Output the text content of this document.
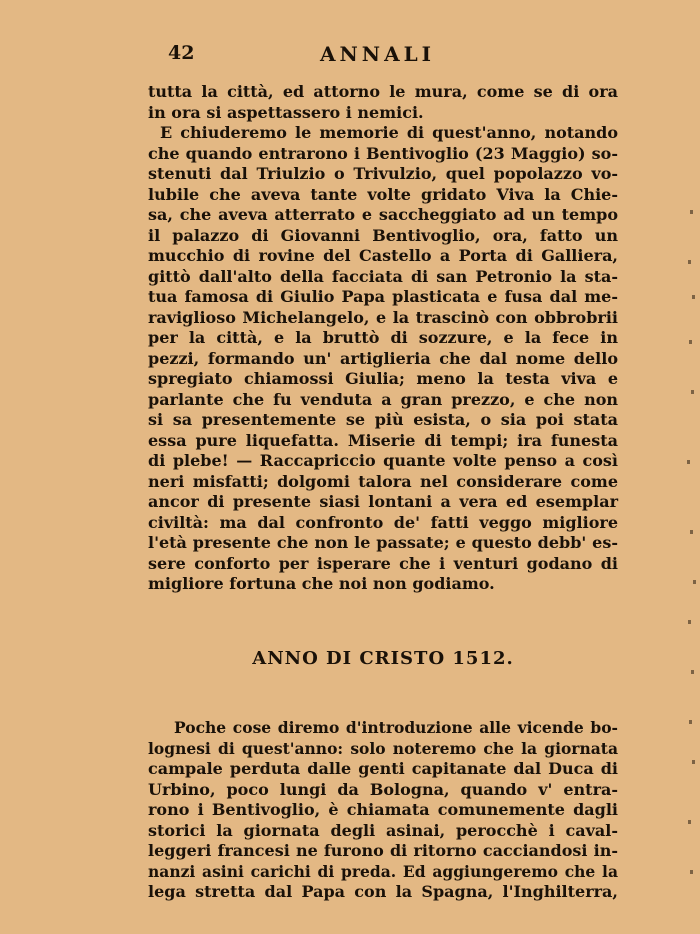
42	ANNALI
tutta la città, ed attorno le mura, come se di ora
in ora si aspettassero i nemici.
E chiuderemo le memorie di quest'anno, notando
che quando entrarono i Bentivoglio (23 Maggio) so-
stenuti dal Triulzio o Trivulzio, quel popolazzo vo-
lubile che aveva tante volte gridato Viva la Chie-
sa, che aveva atterrato e saccheggiato ad un tempo
il palazzo di Giovanni Bentivoglio, ora, fatto un
mucchio di rovine del Castello a Porta di Galliera,
gittò dall'alto della facciata di san Petronio la sta-
tua famosa di Giulio Papa plasticata e fusa dal me-
raviglioso Michelangelo, e la trascinò con obbrobrii
per la città, e la bruttò di sozzure, e la fece in
pezzi, formando un' artiglieria che dal nome dello
spregiato chiamossi Giulia; meno la testa viva e
parlante che fu venduta a gran prezzo, e che non
si sa presentemente se più esista, o sia poi stata
essa pure liquefatta. Miserie di tempi; ira funesta
di plebe! — Raccapriccio quante volte penso a così
neri misfatti; dolgomi talora nel considerare come
ancor di presente siasi lontani a vera ed esemplar
civiltà: ma dal confronto de' fatti veggo migliore
l'età presente che non le passate; e questo debb' es-
sere conforto per isperare che i venturi godano di
migliore fortuna che noi non godiamo.
ANNO DI CRISTO 1512.
Poche cose diremo d'introduzione alle vicende bo-
lognesi di quest'anno: solo noteremo che la giornata
campale perduta dalle genti capitanate dal Duca di
Urbino, poco lungi da Bologna, quando v' entra-
rono i Bentivoglio, è chiamata comunemente dagli
storici la giornata degli asinai, perocchè i caval-
leggeri francesi ne furono di ritorno cacciandosi in-
nanzi asini carichi di preda. Ed aggiungeremo che la
lega stretta dal Papa con la Spagna, l'Inghilterra,
